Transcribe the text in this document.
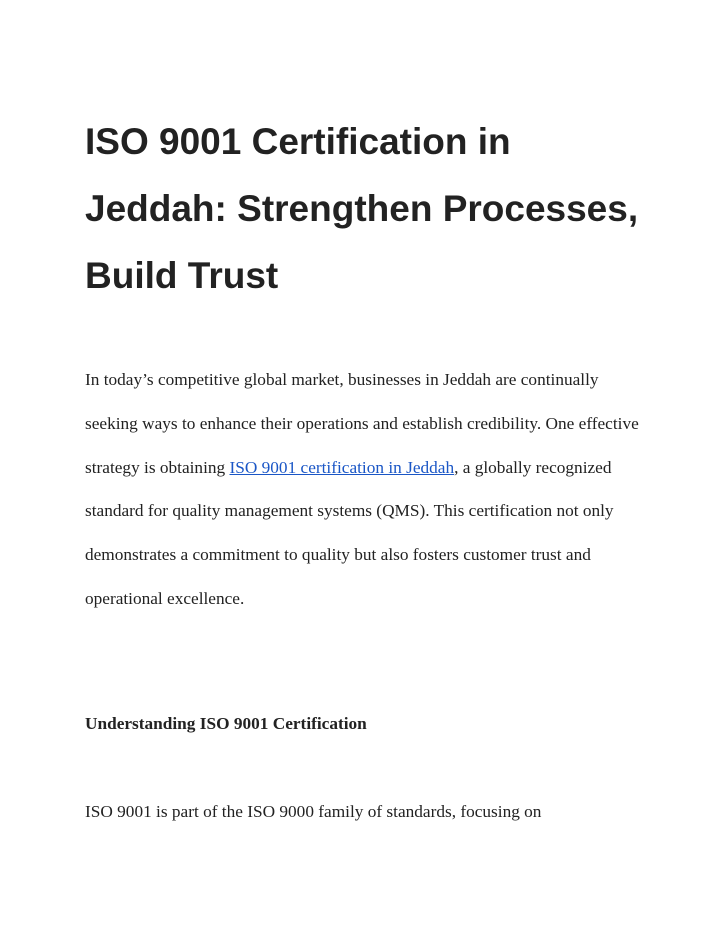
ISO 9001 Certification in Jeddah: Strengthen Processes, Build Trust

In today’s competitive global market, businesses in Jeddah are continually seeking ways to enhance their operations and establish credibility. One effective strategy is obtaining ISO 9001 certification in Jeddah, a globally recognized standard for quality management systems (QMS). This certification not only demonstrates a commitment to quality but also fosters customer trust and operational excellence.

Understanding ISO 9001 Certification

ISO 9001 is part of the ISO 9000 family of standards, focusing on
